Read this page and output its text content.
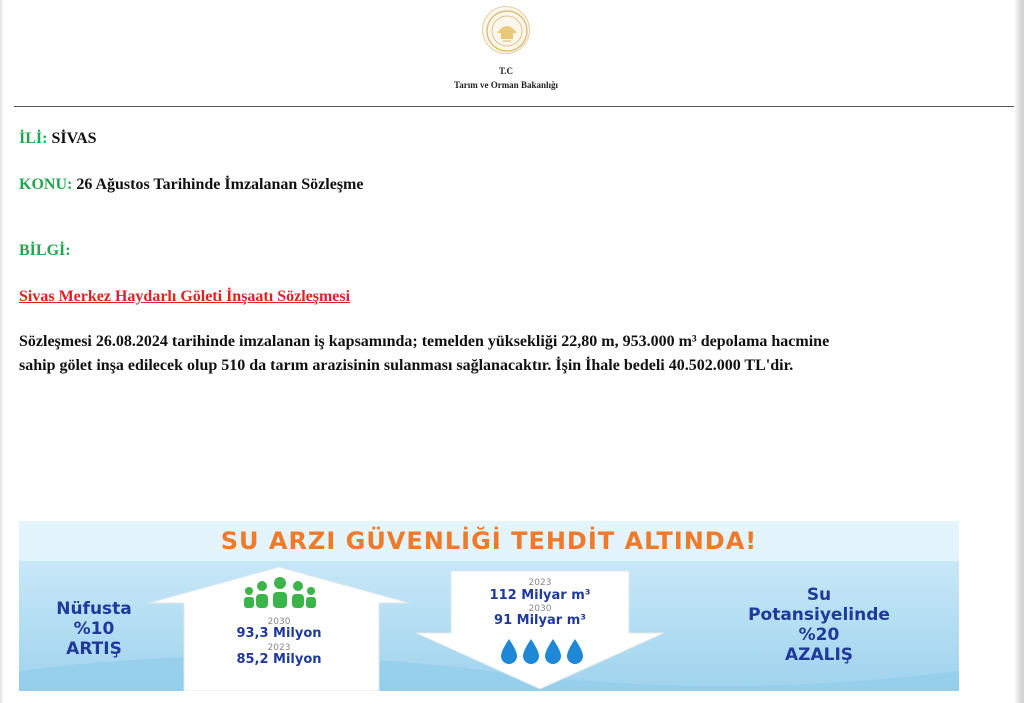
T.C
Tarım ve Orman Bakanlığı
İLİ: SİVAS
KONU: 26 Ağustos Tarihinde İmzalanan Sözleşme
BİLGİ:
Sivas Merkez Haydarlı Göleti İnşaatı Sözleşmesi
Sözleşmesi 26.08.2024 tarihinde imzalanan iş kapsamında; temelden yüksekliği 22,80 m, 953.000 m³ depolama hacmine
sahip gölet inşa edilecek olup 510 da tarım arazisinin sulanması sağlanacaktır. İşin İhale bedeli 40.502.000 TL'dir.
SU ARZI GÜVENLİĞİ TEHDİT ALTINDA!
Nüfusta
%10
ARTIŞ
2030
93,3 Milyon
2023
85,2 Milyon
2023
112 Milyar m³
2030
91 Milyar m³
Su
Potansiyelinde
%20
AZALIŞ
